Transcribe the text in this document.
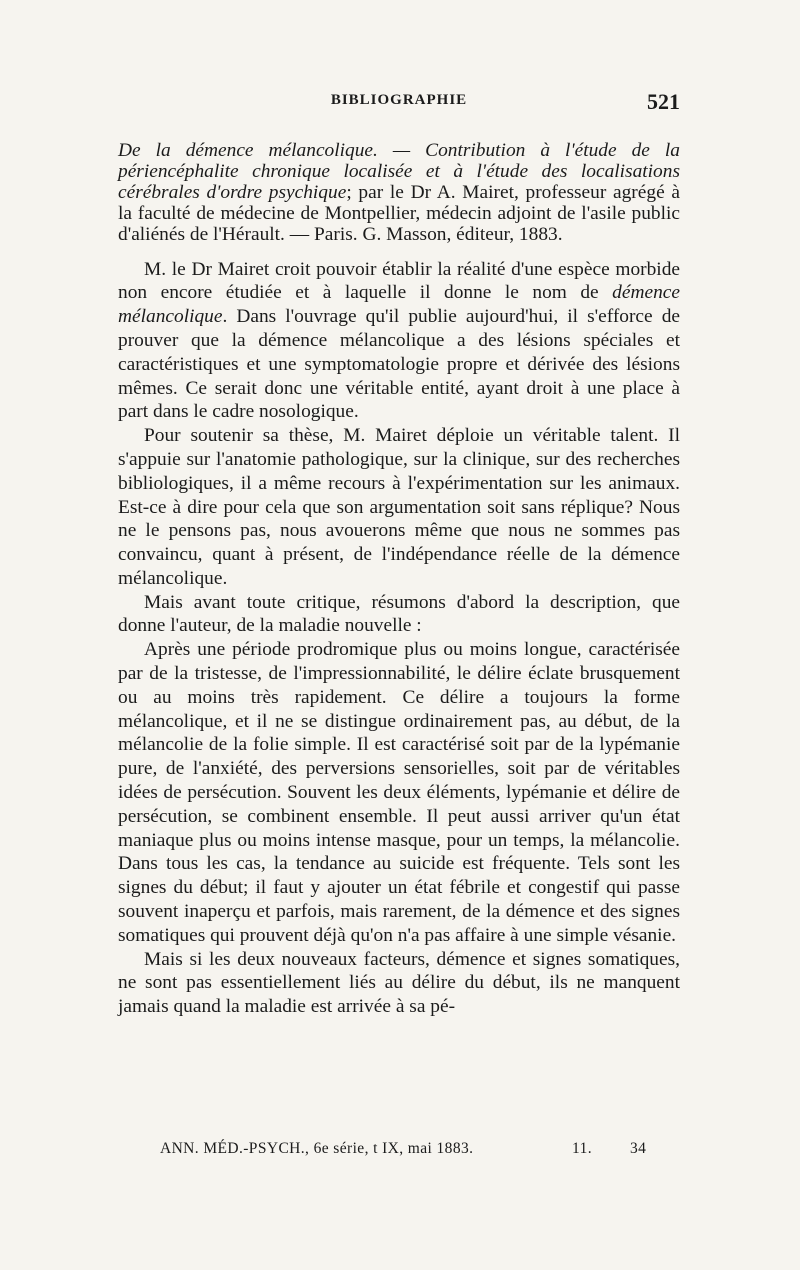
BIBLIOGRAPHIE	521

De la démence mélancolique. — Contribution à l'étude de la périencéphalite chronique localisée et à l'étude des localisations cérébrales d'ordre psychique; par le Dr A. Mairet, professeur agrégé à la faculté de médecine de Montpellier, médecin adjoint de l'asile public d'aliénés de l'Hérault. — Paris. G. Masson, éditeur, 1883.

M. le Dr Mairet croit pouvoir établir la réalité d'une espèce morbide non encore étudiée et à laquelle il donne le nom de démence mélancolique. Dans l'ouvrage qu'il publie aujourd'hui, il s'efforce de prouver que la démence mélancolique a des lésions spéciales et caractéristiques et une symptomatologie propre et dérivée des lésions mêmes. Ce serait donc une véritable entité, ayant droit à une place à part dans le cadre nosologique.

Pour soutenir sa thèse, M. Mairet déploie un véritable talent. Il s'appuie sur l'anatomie pathologique, sur la clinique, sur des recherches bibliologiques, il a même recours à l'expérimentation sur les animaux. Est-ce à dire pour cela que son argumentation soit sans réplique? Nous ne le pensons pas, nous avouerons même que nous ne sommes pas convaincu, quant à présent, de l'indépendance réelle de la démence mélancolique.

Mais avant toute critique, résumons d'abord la description, que donne l'auteur, de la maladie nouvelle :

Après une période prodromique plus ou moins longue, caractérisée par de la tristesse, de l'impressionnabilité, le délire éclate brusquement ou au moins très rapidement. Ce délire a toujours la forme mélancolique, et il ne se distingue ordinairement pas, au début, de la mélancolie de la folie simple. Il est caractérisé soit par de la lypémanie pure, de l'anxiété, des perversions sensorielles, soit par de véritables idées de persécution. Souvent les deux éléments, lypémanie et délire de persécution, se combinent ensemble. Il peut aussi arriver qu'un état maniaque plus ou moins intense masque, pour un temps, la mélancolie. Dans tous les cas, la tendance au suicide est fréquente. Tels sont les signes du début; il faut y ajouter un état fébrile et congestif qui passe souvent inaperçu et parfois, mais rarement, de la démence et des signes somatiques qui prouvent déjà qu'on n'a pas affaire à une simple vésanie.

Mais si les deux nouveaux facteurs, démence et signes somatiques, ne sont pas essentiellement liés au délire du début, ils ne manquent jamais quand la maladie est arrivée à sa pé-

ANN. MÉD.-PSYCH., 6e série, t IX, mai 1883.	11. 34
